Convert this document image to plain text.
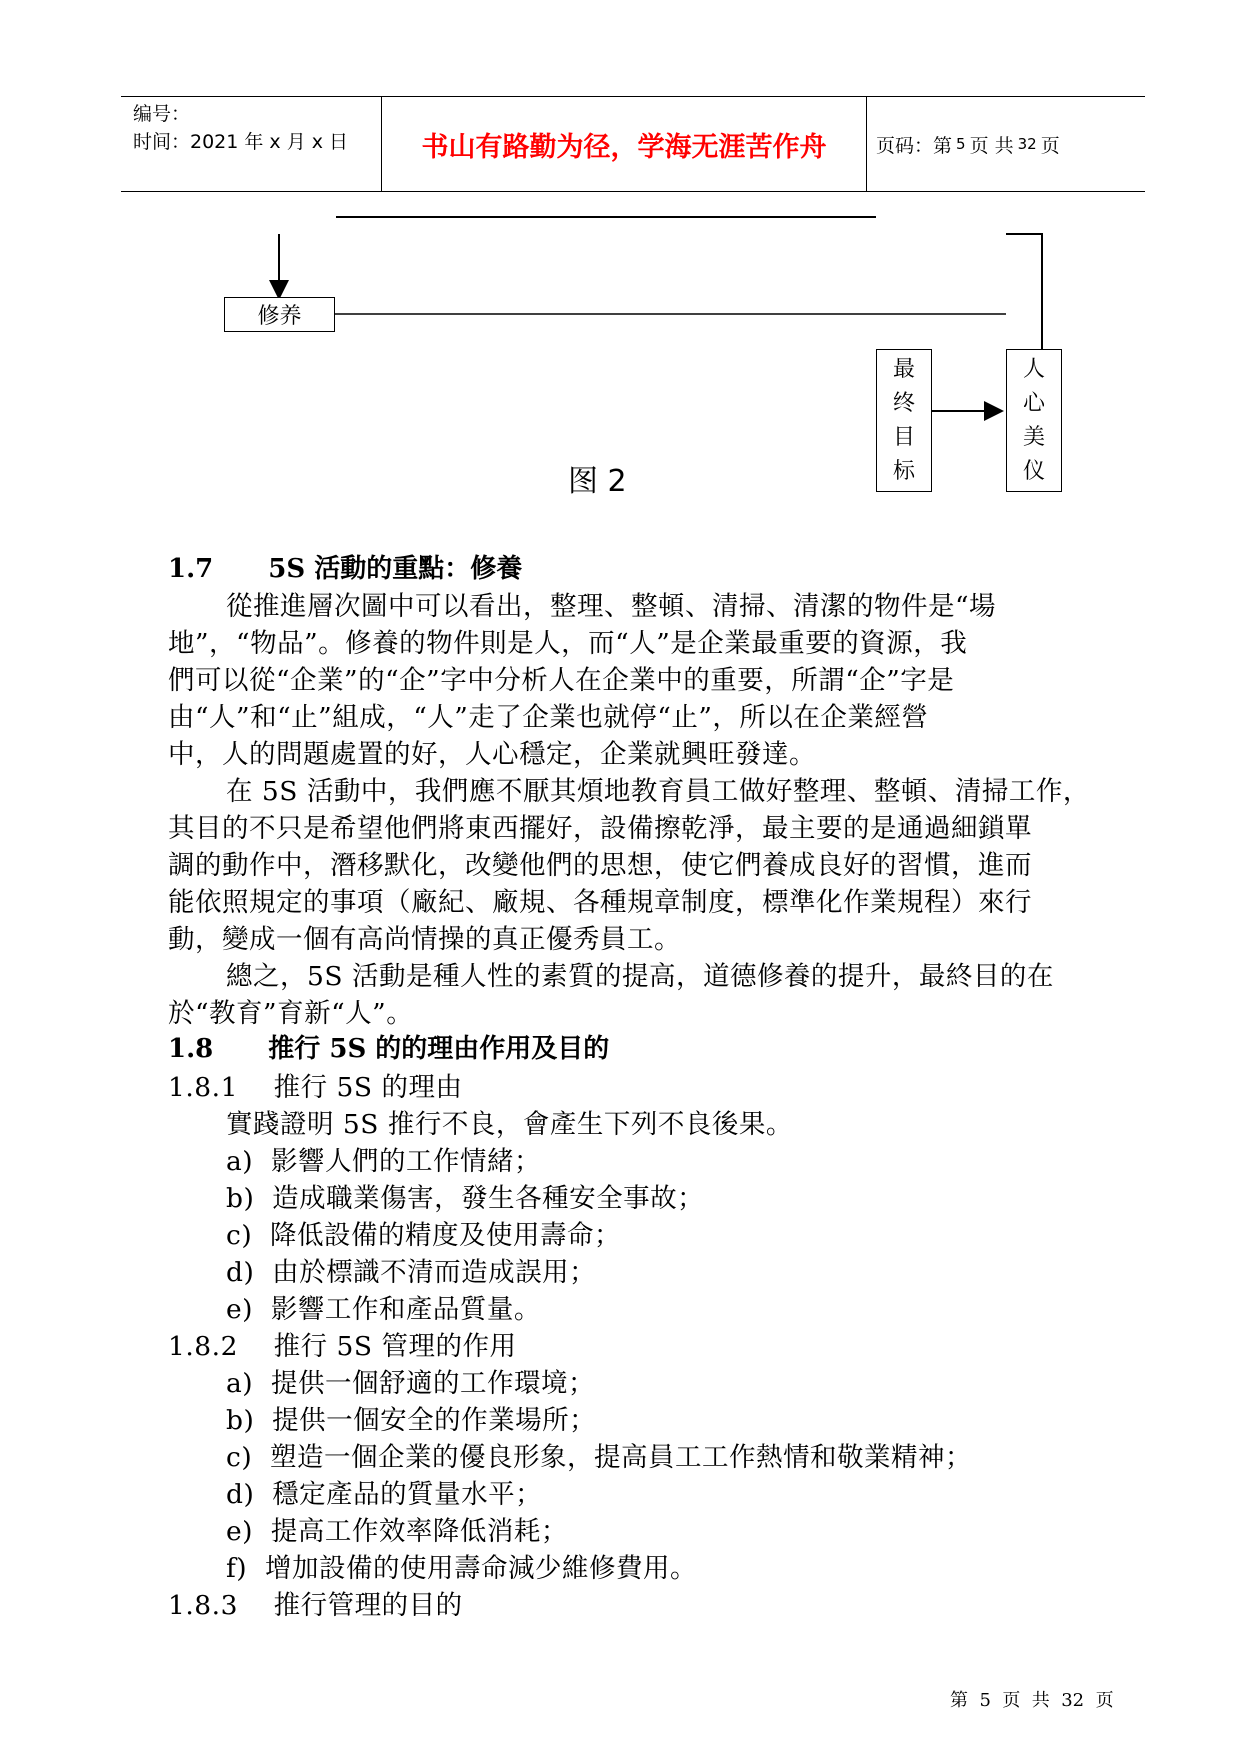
编号：
时间：2021 年 x 月 x 日	书山有路勤为径，学海无涯苦作舟	页码：第 5 页 共 32 页
修养
最
终
目
标
人
心
美
仪
图 2
1.7 5S 活動的重點：修養
從推進層次圖中可以看出，整理、整頓、清掃、清潔的物件是“場
地”，“物品”。修養的物件則是人，而“人”是企業最重要的資源，我
們可以從“企業”的“企”字中分析人在企業中的重要，所謂“企”字是
由“人”和“止”組成，“人”走了企業也就停“止”，所以在企業經營
中，人的問題處置的好，人心穩定，企業就興旺發達。
在 5S 活動中，我們應不厭其煩地教育員工做好整理、整頓、清掃工作，
其目的不只是希望他們將東西擺好，設備擦乾淨，最主要的是通過細鎖單
調的動作中，潛移默化，改變他們的思想，使它們養成良好的習慣，進而
能依照規定的事項（廠紀、廠規、各種規章制度，標準化作業規程）來行
動，變成一個有高尚情操的真正優秀員工。
總之，5S 活動是種人性的素質的提高，道德修養的提升，最終目的在
於“教育”育新“人”。
1.8 推行 5S 的的理由作用及目的
1.8.1    推行 5S 的理由
實踐證明 5S 推行不良，會產生下列不良後果。
a)  影響人們的工作情緒；
b)  造成職業傷害，發生各種安全事故；
c)  降低設備的精度及使用壽命；
d)  由於標識不清而造成誤用；
e)  影響工作和產品質量。
1.8.2    推行 5S 管理的作用
a)  提供一個舒適的工作環境；
b)  提供一個安全的作業場所；
c)  塑造一個企業的優良形象，提高員工工作熱情和敬業精神；
d)  穩定產品的質量水平；
e)  提高工作效率降低消耗；
f)  增加設備的使用壽命減少維修費用。
1.8.3    推行管理的目的
第  5  页  共  32  页
